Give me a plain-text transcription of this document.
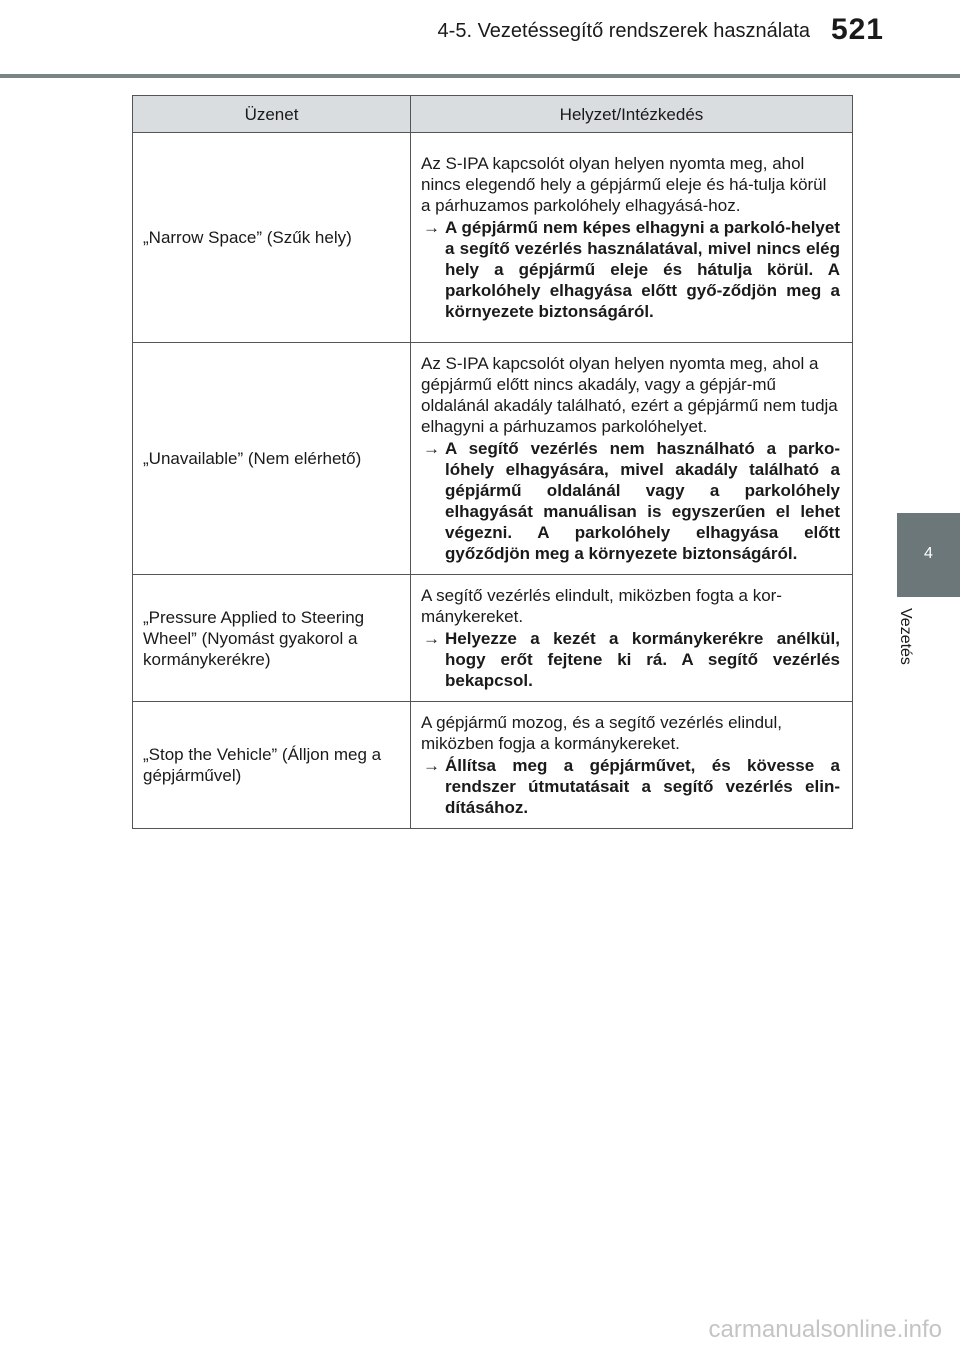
4-5. Vezetéssegítő rendszerek használata 521
4
Vezetés
Üzenet	Helyzet/Intézkedés
„Narrow Space” (Szűk hely)	Az S-IPA kapcsolót olyan helyen nyomta meg, ahol nincs elegendő hely a gépjármű eleje és há-tulja körül a párhuzamos parkolóhely elhagyásá-hoz.
→ A gépjármű nem képes elhagyni a parkoló-helyet a segítő vezérlés használatával, mivel nincs elég hely a gépjármű eleje és hátulja körül. A parkolóhely elhagyása előtt győ-ződjön meg a környezete biztonságáról.

„Unavailable” (Nem elérhető)	Az S-IPA kapcsolót olyan helyen nyomta meg, ahol a gépjármű előtt nincs akadály, vagy a gépjár-mű oldalánál akadály található, ezért a gépjármű nem tudja elhagyni a párhuzamos parkolóhelyet.
→ A segítő vezérlés nem használható a parko-lóhely elhagyására, mivel akadály található a gépjármű oldalánál vagy a parkolóhely elhagyását manuálisan is egyszerűen el lehet végezni. A parkolóhely elhagyása előtt győződjön meg a környezete biztonságáról.

„Pressure Applied to Steering Wheel” (Nyomást gyakorol a kormánykerékre)	A segítő vezérlés elindult, miközben fogta a kor-mánykereket.
→ Helyezze a kezét a kormánykerékre anélkül, hogy erőt fejtene ki rá. A segítő vezérlés bekapcsol.

„Stop the Vehicle” (Álljon meg a gépjárművel)	A gépjármű mozog, és a segítő vezérlés elindul, miközben fogja a kormánykereket.
→ Állítsa meg a gépjárművet, és kövesse a rendszer útmutatásait a segítő vezérlés elin-dításához.
carmanualsonline.info
